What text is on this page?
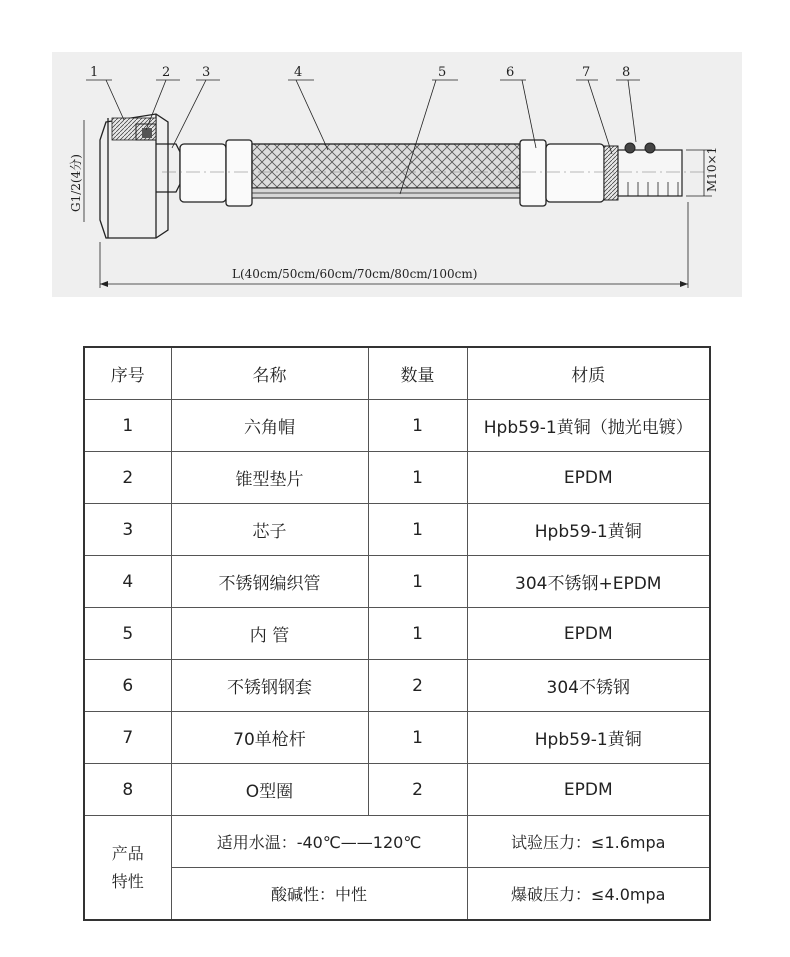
G1/2(4分)	M10×1
L(40cm/50cm/60cm/70cm/80cm/100cm)
1	2 3	4	5	6	7 8
序号	名称	数量	材质
1	六角帽	1	Hpb59-1黄铜（抛光电镀）
2	锥型垫片	1	EPDM
3	芯子	1	Hpb59-1黄铜
4	不锈钢编织管	1	304不锈钢+EPDM
5	内 管	1	EPDM
6	不锈钢钢套	2	304不锈钢
7	70单枪杆	1	Hpb59-1黄铜
8	O型圈	2	EPDM
产品
特性	适用水温：-40℃——120℃		试验压力：≤1.6mpa
	酸碱性：中性		爆破压力：≤4.0mpa
